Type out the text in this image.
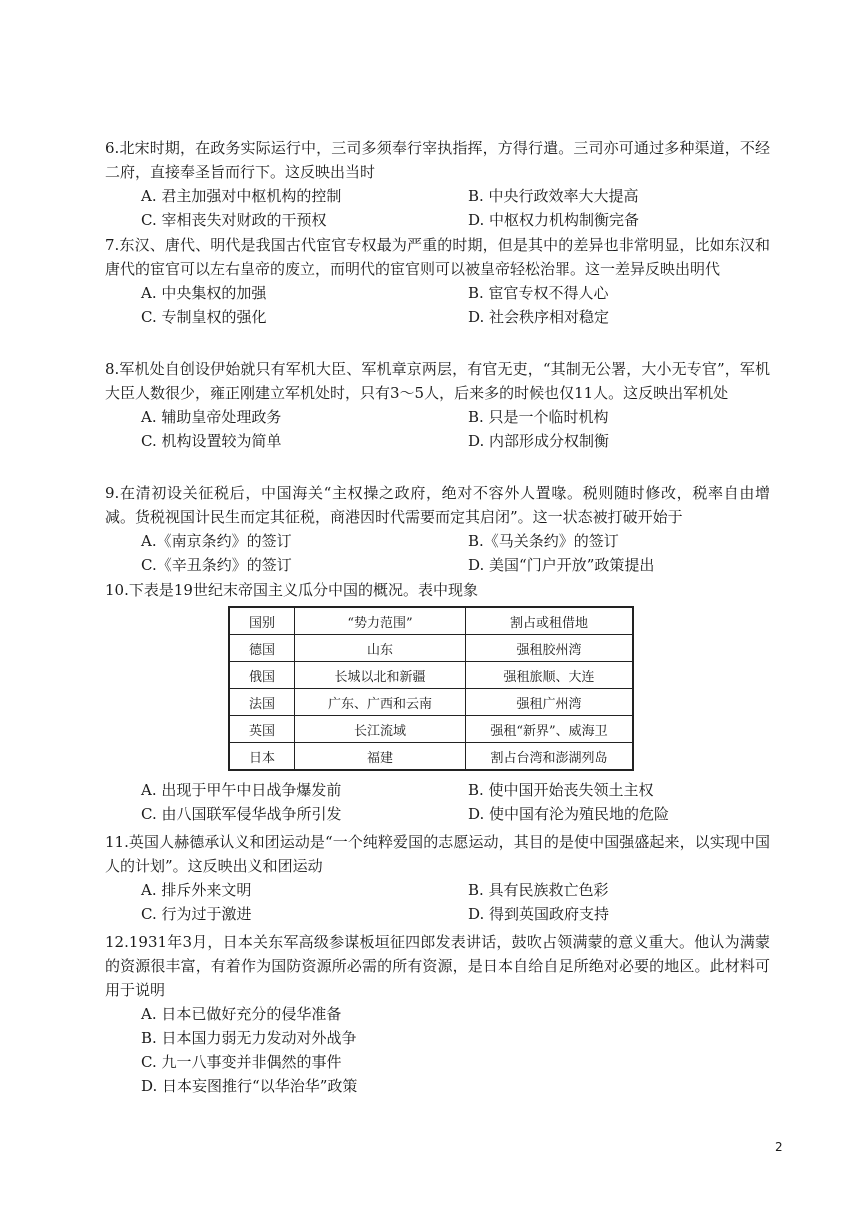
6.北宋时期，在政务实际运行中，三司多须奉行宰执指挥，方得行遣。三司亦可通过多种渠道，不经二府，直接奉圣旨而行下。这反映出当时

A. 君主加强对中枢机构的控制	B. 中央行政效率大大提高
C. 宰相丧失对财政的干预权	D. 中枢权力机构制衡完备

7.东汉、唐代、明代是我国古代宦官专权最为严重的时期，但是其中的差异也非常明显，比如东汉和唐代的宦官可以左右皇帝的废立，而明代的宦官则可以被皇帝轻松治罪。这一差异反映出明代

A. 中央集权的加强	B. 宦官专权不得人心
C. 专制皇权的强化	D. 社会秩序相对稳定

8.军机处自创设伊始就只有军机大臣、军机章京两层，有官无吏，“其制无公署，大小无专官”，军机大臣人数很少，雍正刚建立军机处时，只有3～5人，后来多的时候也仅11人。这反映出军机处

A. 辅助皇帝处理政务	B. 只是一个临时机构
C. 机构设置较为简单	D. 内部形成分权制衡

9.在清初设关征税后，中国海关“主权操之政府，绝对不容外人置喙。税则随时修改，税率自由增减。货税视国计民生而定其征税，商港因时代需要而定其启闭”。这一状态被打破开始于

A.《南京条约》的签订	B.《马关条约》的签订
C.《辛丑条约》的签订	D. 美国“门户开放”政策提出

10.下表是19世纪末帝国主义瓜分中国的概况。表中现象

国别	“势力范围”	割占或租借地
德国	山东	强租胶州湾
俄国	长城以北和新疆	强租旅顺、大连
法国	广东、广西和云南	强租广州湾
英国	长江流域	强租“新界”、威海卫
日本	福建	割占台湾和澎湖列岛
A. 出现于甲午中日战争爆发前	B. 使中国开始丧失领土主权
C. 由八国联军侵华战争所引发	D. 使中国有沦为殖民地的危险

11.英国人赫德承认义和团运动是“一个纯粹爱国的志愿运动，其目的是使中国强盛起来，以实现中国人的计划”。这反映出义和团运动

A. 排斥外来文明	B. 具有民族救亡色彩
C. 行为过于激进	D. 得到英国政府支持

12.1931年3月，日本关东军高级参谋板垣征四郎发表讲话，鼓吹占领满蒙的意义重大。他认为满蒙的资源很丰富，有着作为国防资源所必需的所有资源，是日本自给自足所绝对必要的地区。此材料可用于说明

A. 日本已做好充分的侵华准备
B. 日本国力弱无力发动对外战争
C. 九一八事变并非偶然的事件
D. 日本妄图推行“以华治华”政策
2
